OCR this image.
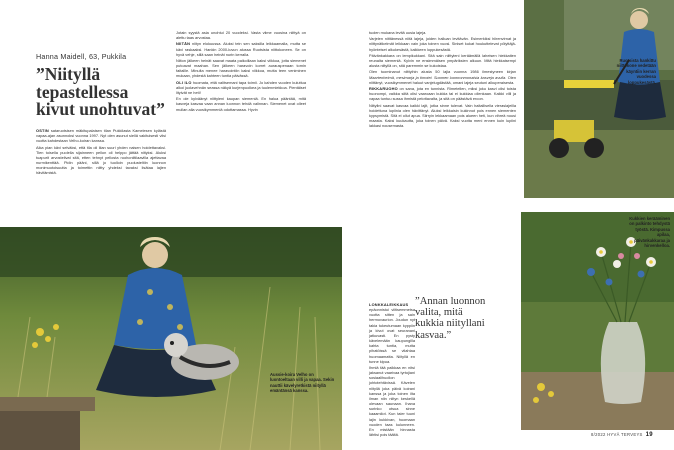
Hanna Maidell, 63, Pukkila
”Niityllä tepastellessa kivut unohtuvat”

OSTIN sataruotsisen mäkitupalaisen tilan Pukkilasta Kamelesen kylästä vapaa-ajan asunnoksi vuonna 1997. Nyt olen asunut siellä vakituisesti viisi vuotta kahdestaan Velho-koiran kanssa.

Aika pian kävi selväksi, että tila oli liian suuri yhden naisen hoidettavaksi. Tien toisella puolella sijainneen pellon oli helppo jättää niityksi. Aluksi tuapurit arvostelivat sitä, etten tehnyt pellosta ruohoniitilaavilla ajettavaa nurmikenttää. Pidin pääni, sillä jo tuolloin puolusteltiin luonnon monimuotoisuutta ja toimettin niitty yhdeksi tavaksi lisätaa lajien hävitämistä.

Jotain syystä asia unohtui 20 vuodeksi. Vasta viime vuosina niittyä on alettu taas arvostaa.

NIITÄN niityn elokuussa. Aluksi tein sen saksilla leikkaamalla, mutta se kävi raskaaksi. Hankin 2000-luvun alussa Ruotsista niittokoneen. Se on hyvä vehje, sillä saan heinät nurin kerralla.

Niiton jälkeen heinät saavat maata paikoillaan kaksi viikkoa, jotta siemenet putoavat maahan. Sen jälkeen haravoin korret aurauspenaan tomin faitallle. Minulta menee haravointiin kaksi viikkoa, mutta teen veniminen mukaan, yhdestä kahteen tuntia päivässä.

OLI ILO huomata, että valitsemani tapa toimii. Jo kahden vuoden kuluttua alkoi juolavehnän seassa näkyä kurjenpuolkea ja tuulenmiekkoa. Pientäiset lityivät ne heti!

En ole kylväänyt niittyleni kaupan siemeniä. En halua pääntää, mitä kasveja kasvaa vaan annan luonnon tehdä valinnan. Siemenet ovat olleet mullan alla vuosikymmeniä odottamassa. Hyvin

Aussie-koira Velho on luontoeltaan villi ja vapaa. Sekin nauttii kävelyretkistä niityllä emäntänsä kanssa.

tuolen mukana levitä uusia lajeja.

Varjelen niittänessä niitä lajeja, joiden halluan levitävän. Esimerkiksi hiirenvirnat ja niittynätkelmät leikkaan vain joka toinen vuosi. Siniset kukat houkuttelevat pölyttäjä-hyönteiset alkukesästä, kaikkeen loppukesästä.

Päivänkakkara on lempikukkani. Sitä sain niittyleni keräämällä laheisen hiekkatien reunalta siemeniä. Kylvin ne ensimmäisen ympäriksien alkuun. Mitä hiekkaisempi alusta niityllä on, sitä paremmin se kukoistaa.

Olen tuominanut niittyihin alusta 50 lajia vuonna 1986 ilmestyneen kirjan Maartenheimä, mesimarja ja timotei. Suomen luonnonmonaisia kasveja avulla. Olen niittänyt, vuosikymmenet haluut vanjelugdästää, omani lajeja seutuni alkuperaisesta.

RIKKARUOHO on sana, jota en tunnista. Rimetellen, miksi joku kasvi olisi toista huonompi, vaikka siitä olisi vaaroaan kukkia tai ei kukkiaa ollenkaan. Kaikki villi ja vapaa tuntuu sussa ihmistä pelottavalta, ja sitä on päästävä eroon.

Niityllni saavat kasvaa kaikki lajit, jotka sinne tulevat. Vain haitallisella vieraslajeilla hoidettuna lupiinia olen hävittänyt. Aluksi leikkaisin kukinnot pois ennen siementen kypsymistä. Sitä ei ollut apua. Siirryin lekkaamaan pois alueen heti, kun vihreä nousi maasta. Kaksi kuukautta, joka toinen päivä. Kaksi vuotta meni ennen kuin lupiini lakkasi nousemasta.

LONKKALEIKKAUS epäonnistui viitisemmetsa vuotta sitten ja sain hermovaurion. Joudun nyt takia tukeutumaan kyppiin ja kivut ovat seuranani jatkuvasti. En pysty kävelemään kaupungilla kahta tuntia, mutta pihatöissä se vilahtaa huomaamatta. Niityllä en tunne kipua.

Ihmiä tää paikkaa en nitsi jaksanut vaarivaa tyrtojiani sosiaalihuollon johtotehtävissä. Kävelen niityllä joka päivä koirani kanssa ja joka toinen ilta ilman niin niityn keskellä olevaan saunaan. Ihana surinko otsua sinne kaaamilot. Kun taier tuuni lajin kukkivan, huomaan vuoden taas kulunneen. En mistään hinnasta lähtisi pois täältä.

”Annan luonnon valita, mitä kukkia niityllani kasvaa.”
Ruotsista hankittu niittokone vedetään käyntiin kerran vuodessa loppukesästä.
Kukkien kerääminen on palkinto tehdystä työstä. Kimpussa apilaa, päivänkakkaraa ja hirvenkelloa.
8/2022 HYVÄ TERVEYS 19
